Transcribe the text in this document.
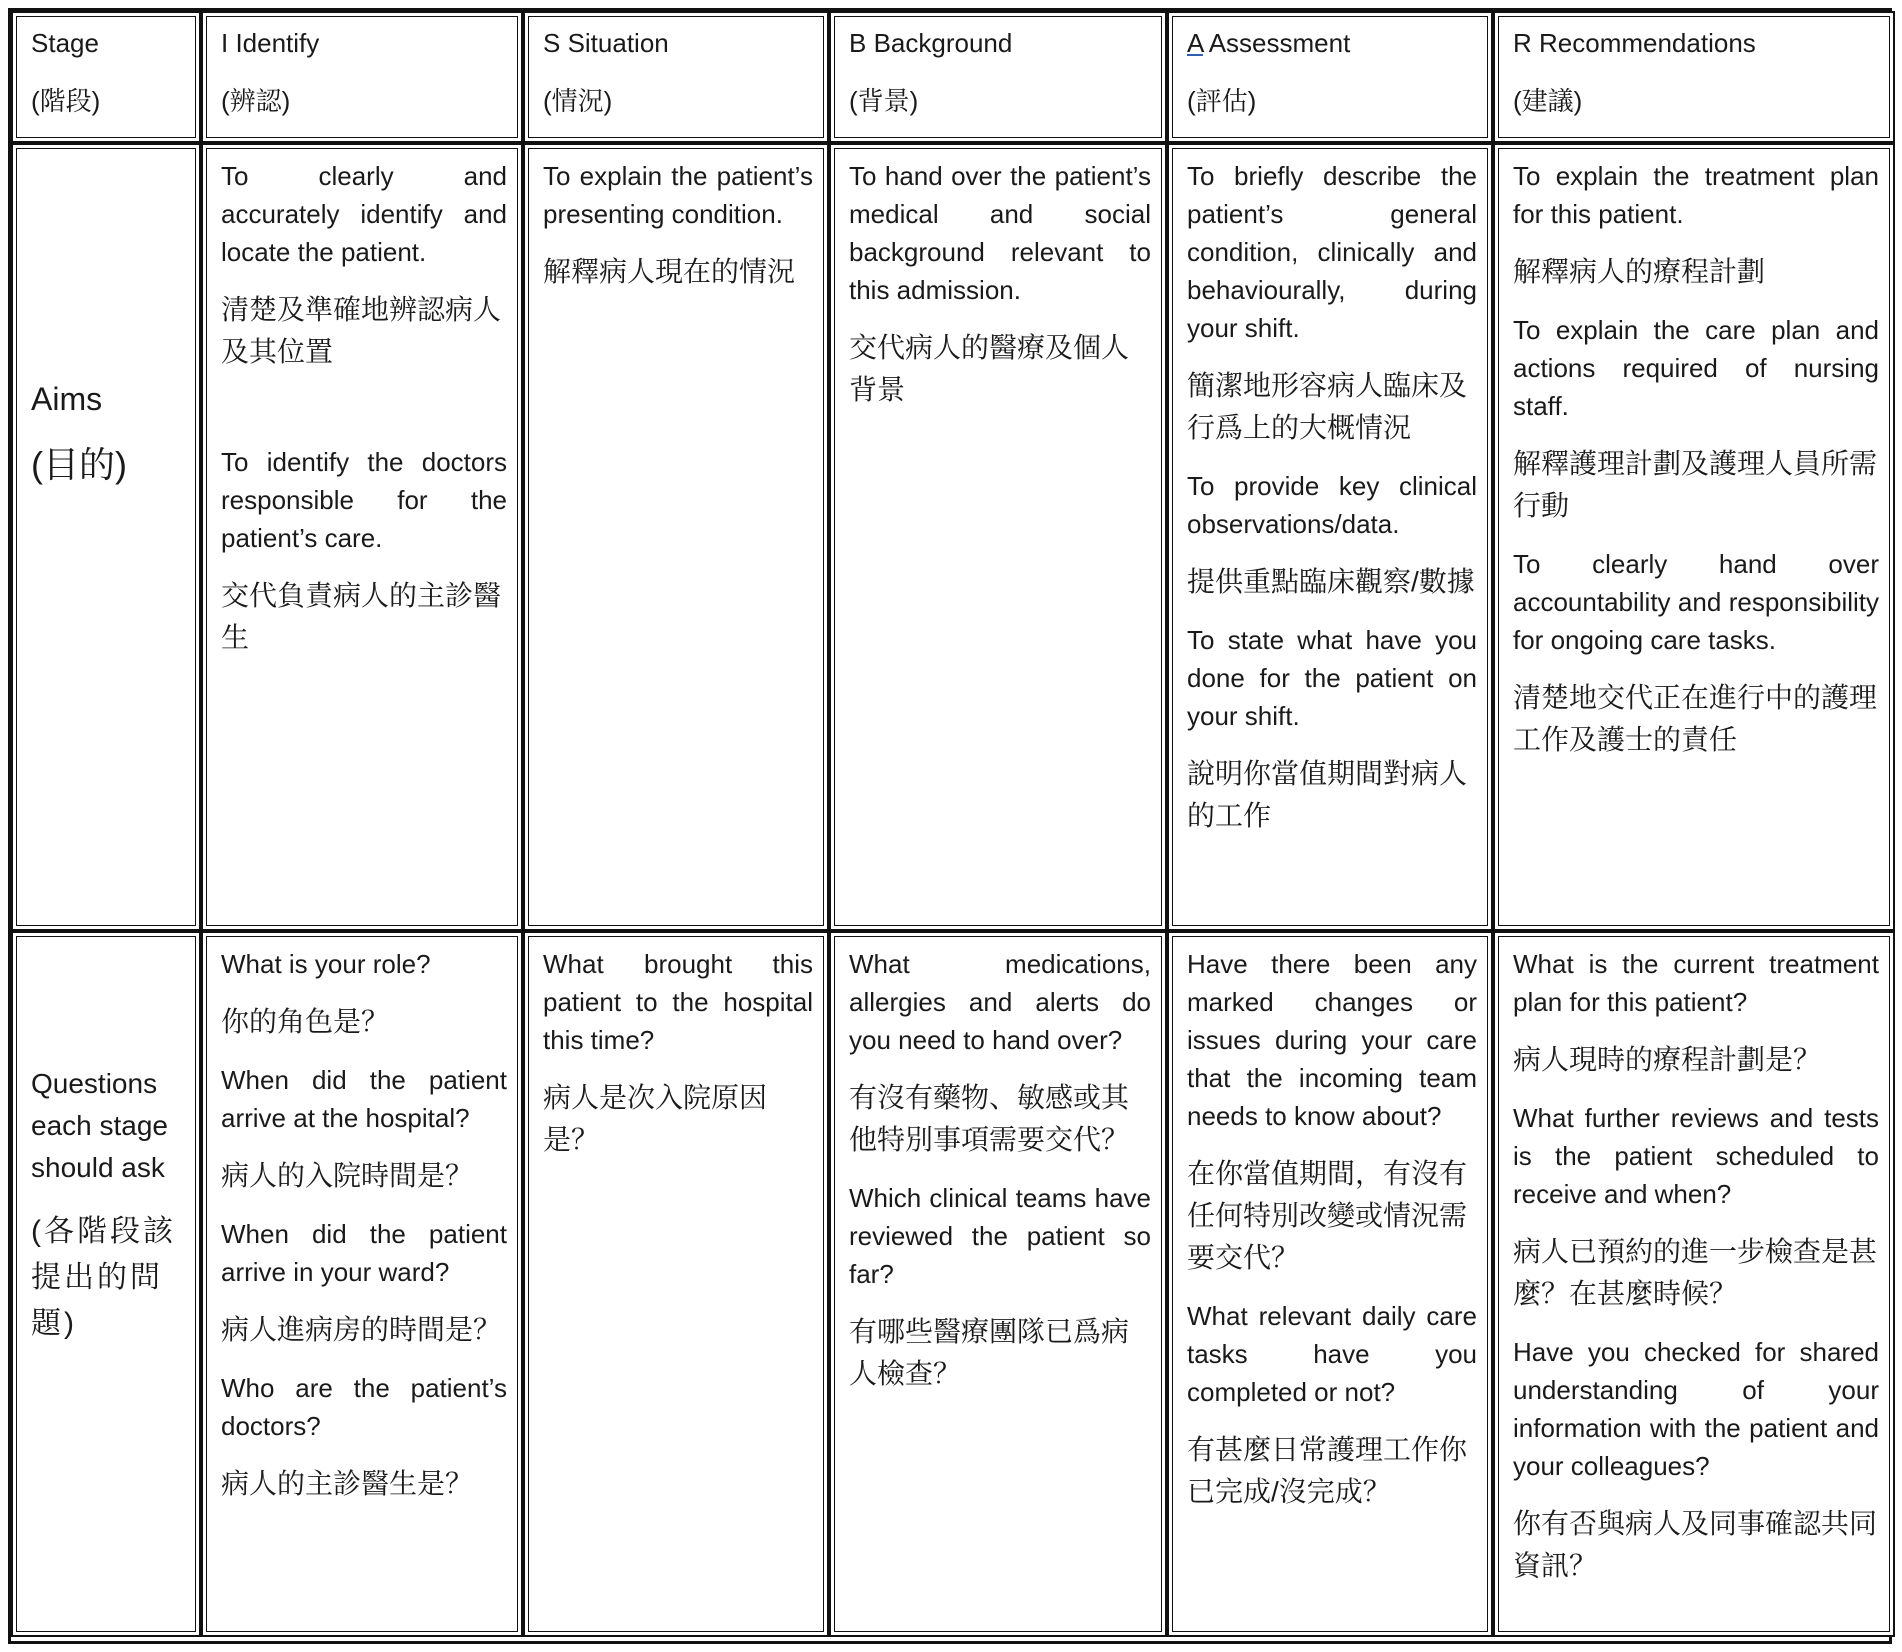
Stage
(階段)
I Identify
(辨認)
S Situation
(情況)
B Background
(背景)
A Assessment
(評估)
R Recommendations
(建議)
Aims
(目的)

To clearly and accurately identify and locate the patient.

清楚及準確地辨認病人及其位置

To identify the doctors responsible for the patient’s care.

交代負責病人的主診醫生

To explain the patient’s presenting condition.

解釋病人現在的情況

To hand over the patient’s medical and social background relevant to this admission.

交代病人的醫療及個人背景

To briefly describe the patient’s general condition, clinically and behaviourally, during your shift.

簡潔地形容病人臨床及行爲上的大概情況

To provide key clinical observations/data.

提供重點臨床觀察/數據

To state what have you done for the patient on your shift.

說明你當值期間對病人的工作

To explain the treatment plan for this patient.

解釋病人的療程計劃

To explain the care plan and actions required of nursing staff.

解釋護理計劃及護理人員所需行動

To clearly hand over accountability and responsibility for ongoing care tasks.

清楚地交代正在進行中的護理工作及護士的責任

Questions each stage should ask
(各階段該提出的問題)

What is your role?

你的角色是？

When did the patient arrive at the hospital?

病人的入院時間是？

When did the patient arrive in your ward?

病人進病房的時間是？

Who are the patient’s doctors?

病人的主診醫生是？

What brought this patient to the hospital this time?

病人是次入院原因是？

What medications, allergies and alerts do you need to hand over?

有沒有藥物、敏感或其他特別事項需要交代？

Which clinical teams have reviewed the patient so far?

有哪些醫療團隊已爲病人檢查？

Have there been any marked changes or issues during your care that the incoming team needs to know about?

在你當值期間，有沒有任何特別改變或情況需要交代？

What relevant daily care tasks have you completed or not?

有甚麼日常護理工作你已完成/沒完成？

What is the current treatment plan for this patient?

病人現時的療程計劃是？

What further reviews and tests is the patient scheduled to receive and when?

病人已預約的進一步檢查是甚麼？在甚麼時候？

Have you checked for shared understanding of your information with the patient and your colleagues?

你有否與病人及同事確認共同資訊？
